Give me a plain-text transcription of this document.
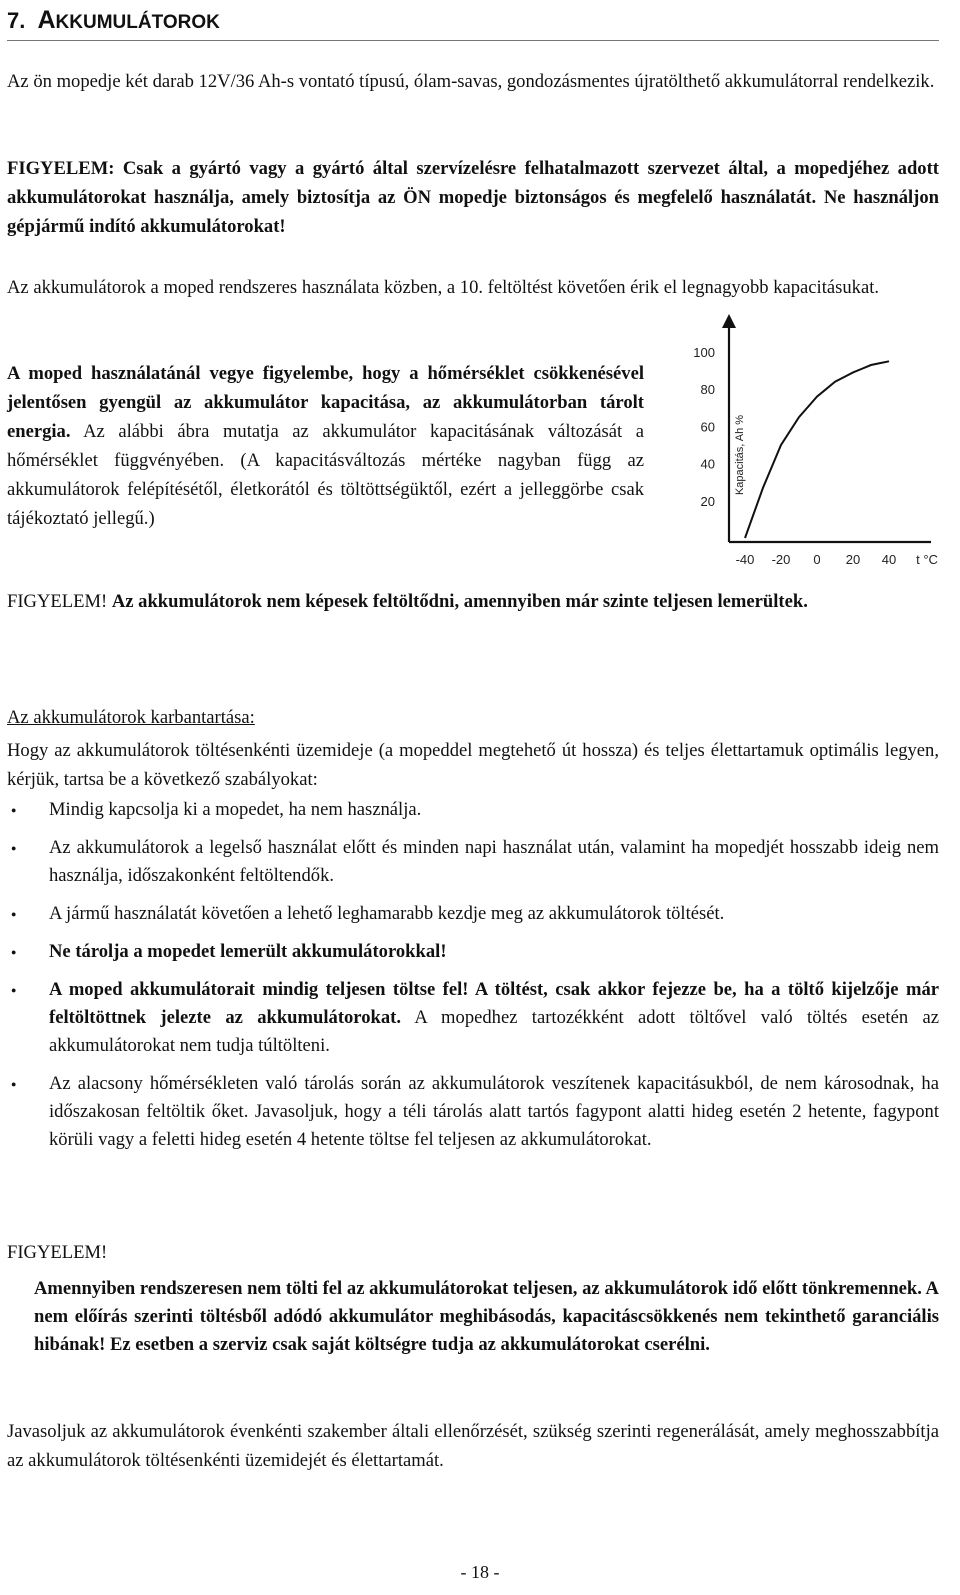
7. AKKUMULÁTOROK

Az ön mopedje két darab 12V/36 Ah-s vontató típusú, ólam-savas, gondozásmentes újratölthető akkumulátorral rendelkezik.

FIGYELEM: Csak a gyártó vagy a gyártó által szervízelésre felhatalmazott szervezet által, a mopedjéhez adott akkumulátorokat használja, amely biztosítja az ÖN mopedje biztonságos és megfelelő használatát. Ne használjon gépjármű indító akkumulátorokat!

Az akkumulátorok a moped rendszeres használata közben, a 10. feltöltést követően érik el legnagyobb kapacitásukat.

A moped használatánál vegye figyelembe, hogy a hőmérséklet csökkenésével jelentősen gyengül az akkumulátor kapacitása, az akkumulátorban tárolt energia. Az alábbi ábra mutatja az akkumulátor kapacitásának változását a hőmérséklet függvényében. (A kapacitásváltozás mértéke nagyban függ az akkumulátorok felépítésétől, életkorától és töltöttségüktől, ezért a jelleggörbe csak tájékoztató jellegű.)

20
40
60
80
100
-40 -20 0 20 40 t °C
Kapacitás, Ah %

FIGYELEM! Az akkumulátorok nem képesek feltöltődni, amennyiben már szinte teljesen lemerültek.

Az akkumulátorok karbantartása:

Hogy az akkumulátorok töltésenkénti üzemideje (a mopeddel megtehető út hossza) és teljes élettartamuk optimális legyen, kérjük, tartsa be a következő szabályokat:

● Mindig kapcsolja ki a mopedet, ha nem használja.
● Az akkumulátorok a legelső használat előtt és minden napi használat után, valamint ha mopedjét hosszabb ideig nem használja, időszakonként feltöltendők.
● A jármű használatát követően a lehető leghamarabb kezdje meg az akkumulátorok töltését.
● Ne tárolja a mopedet lemerült akkumulátorokkal!
● A moped akkumulátorait mindig teljesen töltse fel! A töltést, csak akkor fejezze be, ha a töltő kijelzője már feltöltöttnek jelezte az akkumulátorokat. A mopedhez tartozékként adott töltővel való töltés esetén az akkumulátorokat nem tudja túltölteni.
● Az alacsony hőmérsékleten való tárolás során az akkumulátorok veszítenek kapacitásukból, de nem károsodnak, ha időszakosan feltöltik őket. Javasoljuk, hogy a téli tárolás alatt tartós fagypont alatti hideg esetén 2 hetente, fagypont körüli vagy a feletti hideg esetén 4 hetente töltse fel teljesen az akkumulátorokat.

FIGYELEM!

Amennyiben rendszeresen nem tölti fel az akkumulátorokat teljesen, az akkumulátorok idő előtt tönkremennek. A nem előírás szerinti töltésből adódó akkumulátor meghibásodás, kapacitáscsökkenés nem tekinthető garanciális hibának! Ez esetben a szerviz csak saját költségre tudja az akkumulátorokat cserélni.

Javasoljuk az akkumulátorok évenkénti szakember általi ellenőrzését, szükség szerinti regenerálását, amely meghosszabbítja az akkumulátorok töltésenkénti üzemidejét és élettartamát.

- 18 -
